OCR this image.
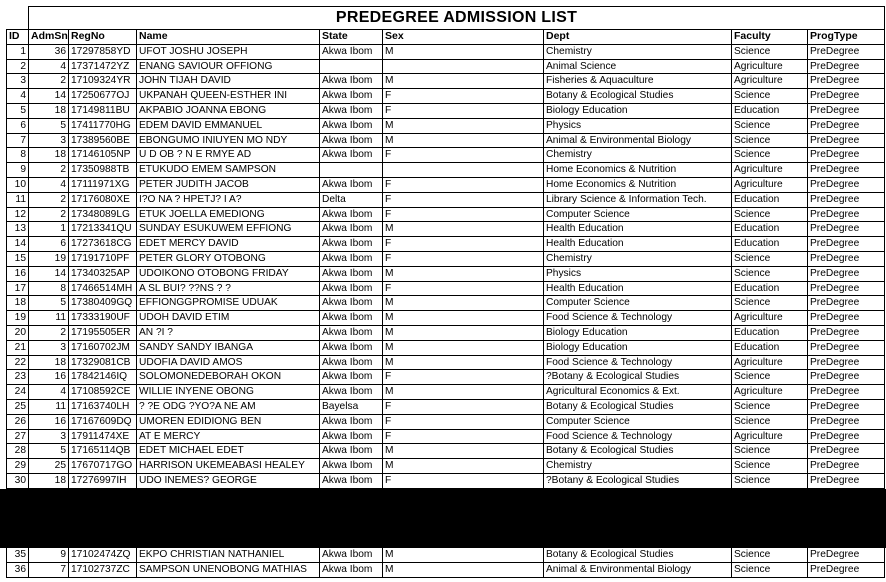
	PREDEGREE ADMISSION LIST							
ID	AdmSn	RegNo	Name	State	Sex	Dept	Faculty	ProgType
1	36	17297858YD	UFOT JOSHU JOSEPH	Akwa Ibom	M	Chemistry	Science	PreDegree
2	4	17371472YZ	ENANG SAVIOUR OFFIONG			Animal Science	Agriculture	PreDegree
3	2	17109324YR	JOHN TIJAH DAVID	Akwa Ibom	M	Fisheries & Aquaculture	Agriculture	PreDegree
4	14	17250677OJ	UKPANAH QUEEN-ESTHER INI	Akwa Ibom	F	Botany & Ecological Studies	Science	PreDegree
5	18	17149811BU	AKPABIO JOANNA EBONG	Akwa Ibom	F	Biology Education	Education	PreDegree
6	5	17411770HG	EDEM DAVID EMMANUEL	Akwa Ibom	M	Physics	Science	PreDegree
7	3	17389560BE	EBONGUMO INIUYEN MO NDY	Akwa Ibom	M	Animal & Environmental Biology	Science	PreDegree
8	18	17146105NP	U D OB ? N E RMYE AD	Akwa Ibom	F	Chemistry	Science	PreDegree
9	2	17350988TB	ETUKUDO EMEM SAMPSON			Home Economics & Nutrition	Agriculture	PreDegree
10	4	17111971XG	PETER JUDITH JACOB	Akwa Ibom	F	Home Economics & Nutrition	Agriculture	PreDegree
11	2	17176080XE	I?O NA ? HPETJ? I A?	Delta	F	Library Science & Information Tech.	Education	PreDegree
12	2	17348089LG	ETUK JOELLA EMEDIONG	Akwa Ibom	F	Computer Science	Science	PreDegree
13	1	17213341QU	SUNDAY ESUKUWEM EFFIONG	Akwa Ibom	M	Health Education	Education	PreDegree
14	6	17273618CG	EDET MERCY DAVID	Akwa Ibom	F	Health Education	Education	PreDegree
15	19	17191710PF	PETER GLORY OTOBONG	Akwa Ibom	F	Chemistry	Science	PreDegree
16	14	17340325AP	UDOIKONO OTOBONG FRIDAY	Akwa Ibom	M	Physics	Science	PreDegree
17	8	17466514MH	A SL BUI? ??NS ? ?	Akwa Ibom	F	Health Education	Education	PreDegree
18	5	17380409GQ	EFFIONGGPROMISE UDUAK	Akwa Ibom	M	Computer Science	Science	PreDegree
19	11	17333190UF	UDOH DAVID ETIM	Akwa Ibom	M	Food Science & Technology	Agriculture	PreDegree
20	2	17195505ER	AN ?I ?	Akwa Ibom	M	Biology Education	Education	PreDegree
21	3	17160702JM	SANDY SANDY IBANGA	Akwa Ibom	M	Biology Education	Education	PreDegree
22	18	17329081CB	UDOFIA DAVID AMOS	Akwa Ibom	M	Food Science & Technology	Agriculture	PreDegree
23	16	17842146IQ	SOLOMONEDEBORAH OKON	Akwa Ibom	F	?Botany & Ecological Studies	Science	PreDegree
24	4	17108592CE	WILLIE INYENE OBONG	Akwa Ibom	M	Agricultural Economics & Ext.	Agriculture	PreDegree
25	11	17163740LH	? ?E ODG ?YO?A NE AM	Bayelsa	F	Botany & Ecological Studies	Science	PreDegree
26	16	17167609DQ	UMOREN EDIDIONG BEN	Akwa Ibom	F	Computer Science	Science	PreDegree
27	3	17911474XE	AT E MERCY	Akwa Ibom	F	Food Science & Technology	Agriculture	PreDegree
28	5	17165114QB	EDET MICHAEL EDET	Akwa Ibom	M	Botany & Ecological Studies	Science	PreDegree
29	25	17670717GO	HARRISON UKEMEABASI HEALEY	Akwa Ibom	M	Chemistry	Science	PreDegree
30	18	17276997IH	UDO INEMES? GEORGE	Akwa Ibom	F	?Botany & Ecological Studies	Science	PreDegree

35	9	17102474ZQ	EKPO CHRISTIAN NATHANIEL	Akwa Ibom	M	Botany & Ecological Studies	Science	PreDegree
36	7	17102737ZC	SAMPSON UNENOBONG MATHIAS	Akwa Ibom	M	Animal & Environmental Biology	Science	PreDegree
